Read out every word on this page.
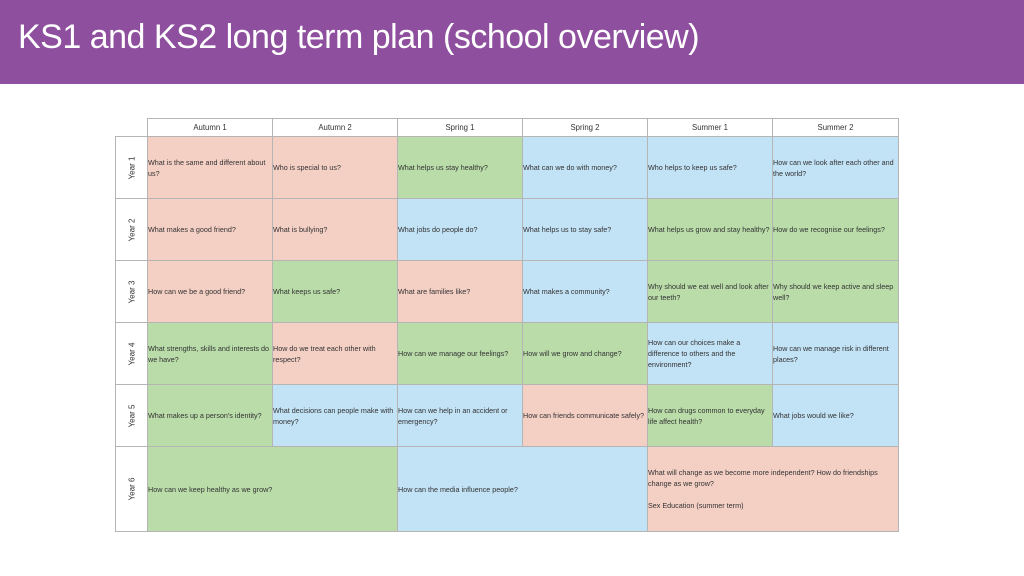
KS1 and KS2 long term plan (school overview)
	Autumn 1	Autumn 2	Spring 1	Spring 2	Summer 1	Summer 2

Year 1	What is the same and different about us?	Who is special to us?	What helps us stay healthy?	What can we do with money?	Who helps to keep us safe?	How can we look after each other and the world?

Year 2	What makes a good friend?	What is bullying?	What jobs do people do?	What helps us to stay safe?	What helps us grow and stay healthy?	How do we recognise our feelings?

Year 3	How can we be a good friend?	What keeps us safe?	What are families like?	What makes a community?	Why should we eat well and look after our teeth?	Why should we keep active and sleep well?

Year 4	What strengths, skills and interests do we have?	How do we treat each other with respect?	How can we manage our feelings?	How will we grow and change?	How can our choices make a difference to others and the environment?	How can we manage risk in different places?

Year 5	What makes up a person's identity?	What decisions can people make with money?	How can we help in an accident or emergency?	How can friends communicate safely?	How can drugs common to everyday life affect health?	What jobs would we like?

Year 6	How can we keep healthy as we grow?		How can the media influence people?		What will change as we become more independent? How do friendships change as we grow?
Sex Education (summer term)	
